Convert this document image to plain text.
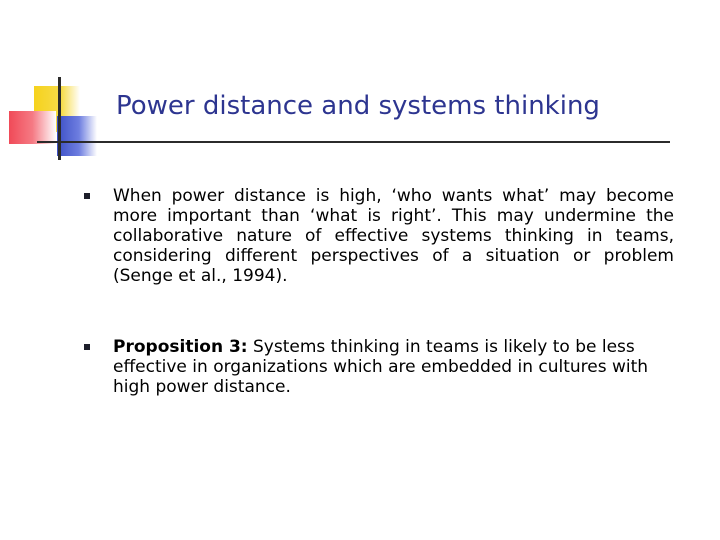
Power distance and systems thinking
When power distance is high, ‘who wants what’ may become more important than ‘what is right’. This may undermine the collaborative nature of effective systems thinking in teams, considering different perspectives of a situation or problem (Senge et al., 1994).
Proposition 3: Systems thinking in teams is likely to be less effective in organizations which are embedded in cultures with high power distance.
